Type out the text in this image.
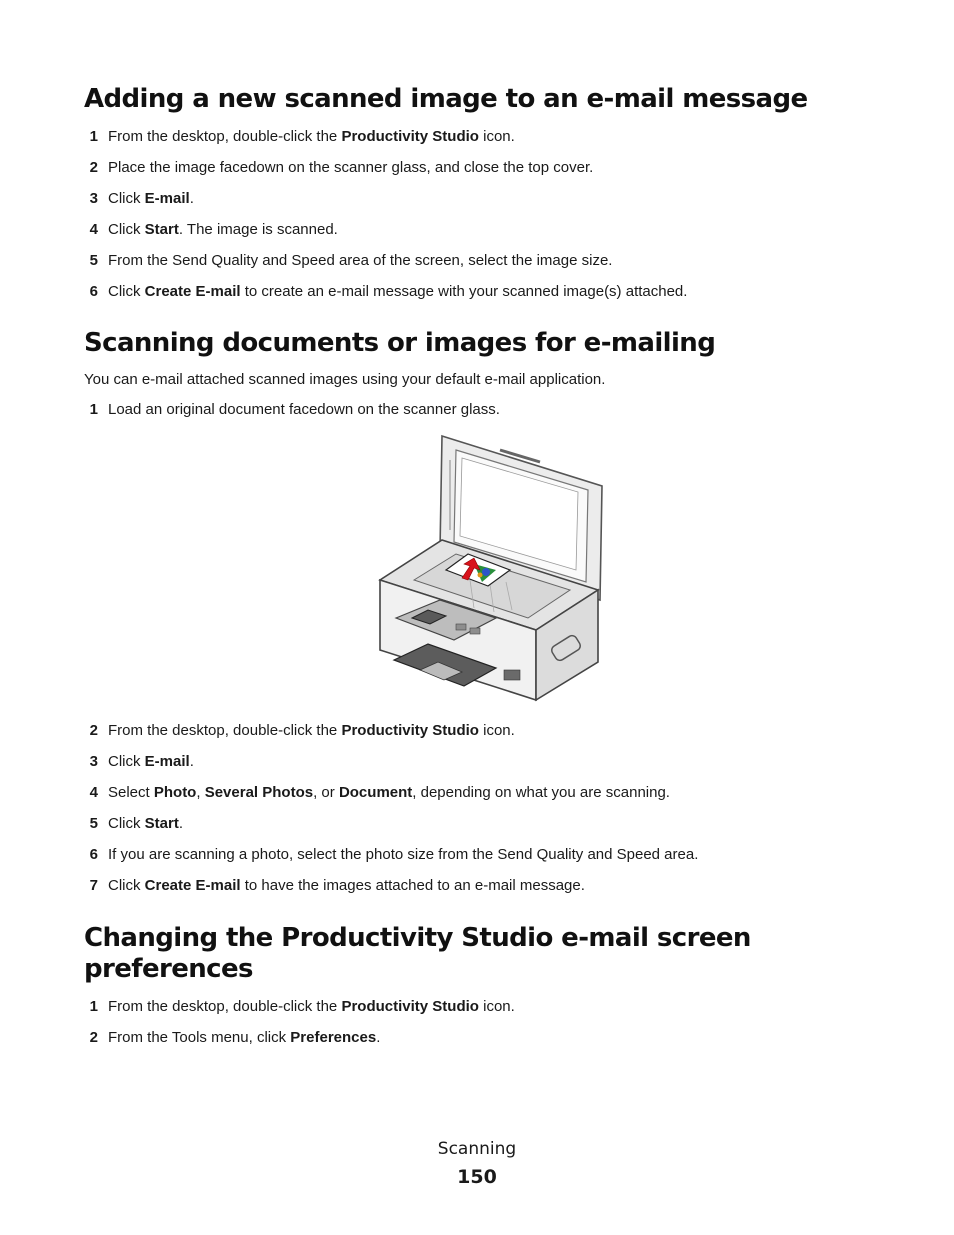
Adding a new scanned image to an e-mail message
1 From the desktop, double-click the Productivity Studio icon.
2 Place the image facedown on the scanner glass, and close the top cover.
3 Click E-mail.
4 Click Start. The image is scanned.
5 From the Send Quality and Speed area of the screen, select the image size.
6 Click Create E-mail to create an e-mail message with your scanned image(s) attached.
Scanning documents or images for e-mailing
You can e-mail attached scanned images using your default e-mail application.
1 Load an original document facedown on the scanner glass.
2 From the desktop, double-click the Productivity Studio icon.
3 Click E-mail.
4 Select Photo, Several Photos, or Document, depending on what you are scanning.
5 Click Start.
6 If you are scanning a photo, select the photo size from the Send Quality and Speed area.
7 Click Create E-mail to have the images attached to an e-mail message.
Changing the Productivity Studio e-mail screen
preferences
1 From the desktop, double-click the Productivity Studio icon.
2 From the Tools menu, click Preferences.
Scanning
150
